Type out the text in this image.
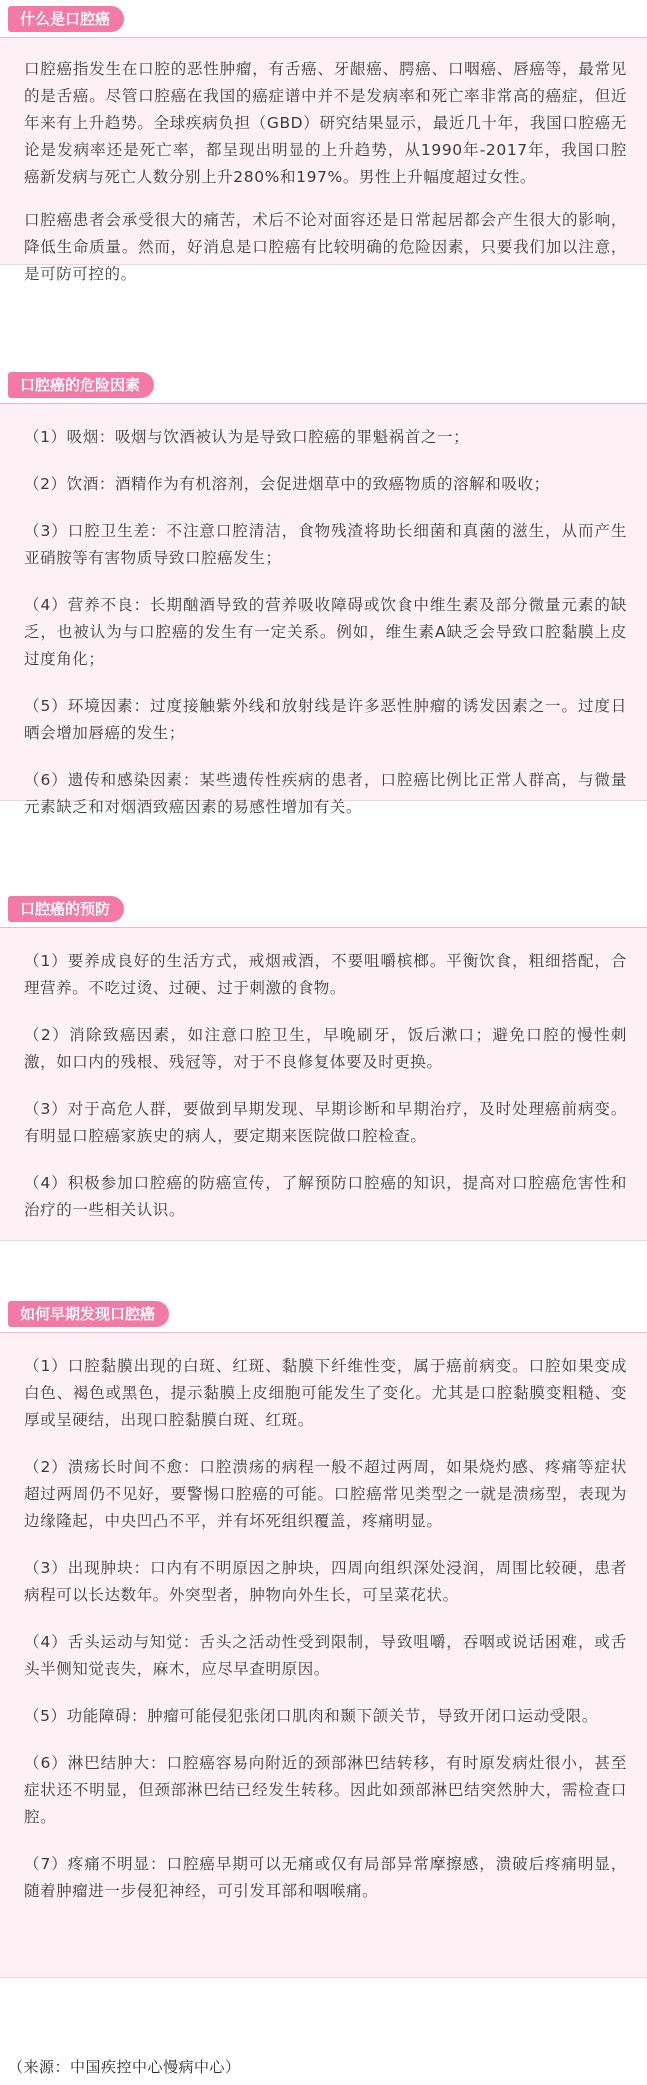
什么是口腔癌

口腔癌指发生在口腔的恶性肿瘤，有舌癌、牙龈癌、腭癌、口咽癌、唇癌等，最常见的是舌癌。尽管口腔癌在我国的癌症谱中并不是发病率和死亡率非常高的癌症，但近年来有上升趋势。全球疾病负担（GBD）研究结果显示，最近几十年，我国口腔癌无论是发病率还是死亡率，都呈现出明显的上升趋势，从1990年-2017年，我国口腔癌新发病与死亡人数分别上升280%和197%。男性上升幅度超过女性。

口腔癌患者会承受很大的痛苦，术后不论对面容还是日常起居都会产生很大的影响，降低生命质量。然而，好消息是口腔癌有比较明确的危险因素，只要我们加以注意，是可防可控的。

口腔癌的危险因素

（1）吸烟：吸烟与饮酒被认为是导致口腔癌的罪魁祸首之一；

（2）饮酒：酒精作为有机溶剂，会促进烟草中的致癌物质的溶解和吸收；

（3）口腔卫生差：不注意口腔清洁，食物残渣将助长细菌和真菌的滋生，从而产生亚硝胺等有害物质导致口腔癌发生；

（4）营养不良：长期酗酒导致的营养吸收障碍或饮食中维生素及部分微量元素的缺乏，也被认为与口腔癌的发生有一定关系。例如，维生素A缺乏会导致口腔黏膜上皮过度角化；

（5）环境因素：过度接触紫外线和放射线是许多恶性肿瘤的诱发因素之一。过度日晒会增加唇癌的发生；

（6）遗传和感染因素：某些遗传性疾病的患者，口腔癌比例比正常人群高，与微量元素缺乏和对烟酒致癌因素的易感性增加有关。

口腔癌的预防

（1）要养成良好的生活方式，戒烟戒酒，不要咀嚼槟榔。平衡饮食，粗细搭配，合理营养。不吃过烫、过硬、过于刺激的食物。

（2）消除致癌因素，如注意口腔卫生，早晚刷牙，饭后漱口；避免口腔的慢性刺激，如口内的残根、残冠等，对于不良修复体要及时更换。

（3）对于高危人群，要做到早期发现、早期诊断和早期治疗，及时处理癌前病变。有明显口腔癌家族史的病人，要定期来医院做口腔检查。

（4）积极参加口腔癌的防癌宣传，了解预防口腔癌的知识，提高对口腔癌危害性和治疗的一些相关认识。

如何早期发现口腔癌

（1）口腔黏膜出现的白斑、红斑、黏膜下纤维性变，属于癌前病变。口腔如果变成白色、褐色或黑色，提示黏膜上皮细胞可能发生了变化。尤其是口腔黏膜变粗糙、变厚或呈硬结，出现口腔黏膜白斑、红斑。

（2）溃疡长时间不愈：口腔溃疡的病程一般不超过两周，如果烧灼感、疼痛等症状超过两周仍不见好，要警惕口腔癌的可能。口腔癌常见类型之一就是溃疡型，表现为边缘隆起，中央凹凸不平，并有坏死组织覆盖，疼痛明显。

（3）出现肿块：口内有不明原因之肿块，四周向组织深处浸润，周围比较硬，患者病程可以长达数年。外突型者，肿物向外生长，可呈菜花状。

（4）舌头运动与知觉：舌头之活动性受到限制，导致咀嚼，吞咽或说话困难，或舌头半侧知觉丧失，麻木，应尽早查明原因。

（5）功能障碍：肿瘤可能侵犯张闭口肌肉和颞下颌关节，导致开闭口运动受限。

（6）淋巴结肿大：口腔癌容易向附近的颈部淋巴结转移，有时原发病灶很小，甚至症状还不明显，但颈部淋巴结已经发生转移。因此如颈部淋巴结突然肿大，需检查口腔。

（7）疼痛不明显：口腔癌早期可以无痛或仅有局部异常摩擦感，溃破后疼痛明显，随着肿瘤进一步侵犯神经，可引发耳部和咽喉痛。

（来源：中国疾控中心慢病中心）
